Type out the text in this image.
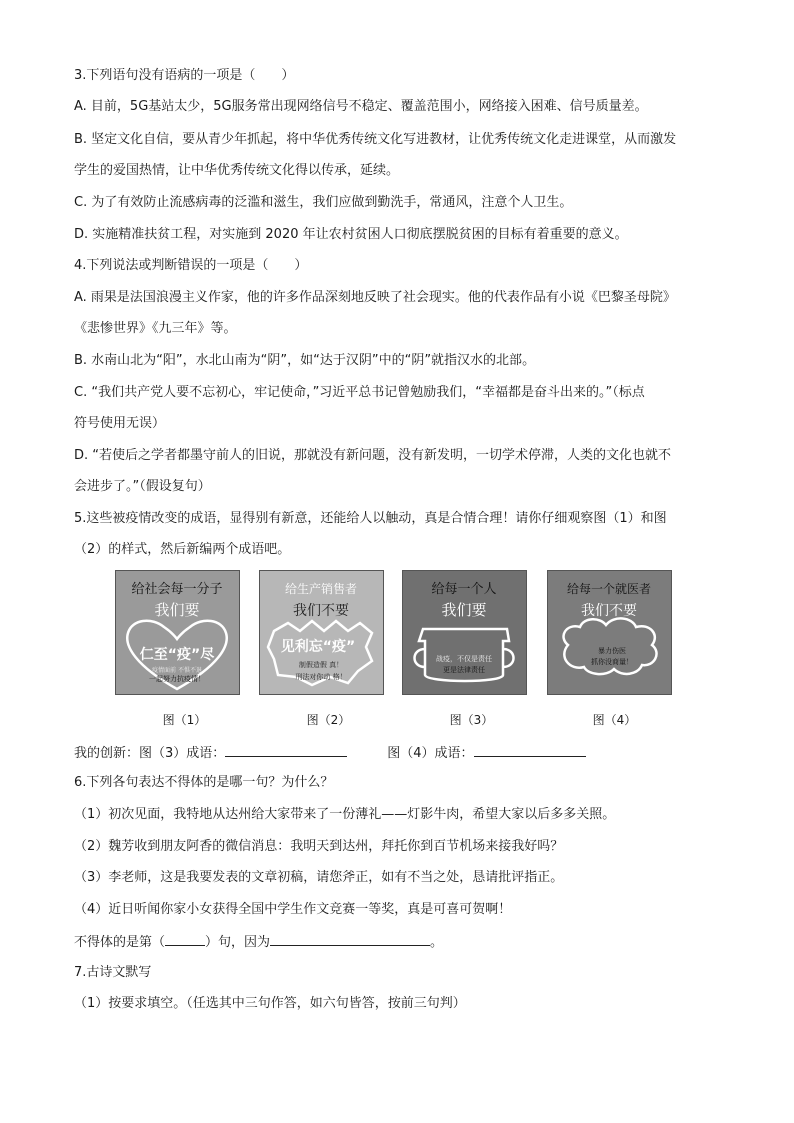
3.下列语句没有语病的一项是（　　）
A. 目前，5G基站太少，5G服务常出现网络信号不稳定、覆盖范围小，网络接入困难、信号质量差。
B. 坚定文化自信，要从青少年抓起，将中华优秀传统文化写进教材，让优秀传统文化走进课堂，从而激发
学生的爱国热情，让中华优秀传统文化得以传承，延续。
C. 为了有效防止流感病毒的泛滥和滋生，我们应做到勤洗手，常通风，注意个人卫生。
D. 实施精准扶贫工程，对实施到 2020 年让农村贫困人口彻底摆脱贫困的目标有着重要的意义。
4.下列说法或判断错误的一项是（　　）
A. 雨果是法国浪漫主义作家，他的许多作品深刻地反映了社会现实。他的代表作品有小说《巴黎圣母院》
《悲惨世界》《九三年》等。
B. 水南山北为“阳”，水北山南为“阴”，如“达于汉阴”中的“阴”就指汉水的北部。
C. “我们共产党人要不忘初心，牢记使命，”习近平总书记曾勉励我们，“幸福都是奋斗出来的。”（标点
符号使用无误）
D. “若使后之学者都墨守前人的旧说，那就没有新问题，没有新发明，一切学术停滞，人类的文化也就不
会进步了。”（假设复句）
5.这些被疫情改变的成语，显得别有新意，还能给人以触动，真是合情合理！请你仔细观察图（1）和图
（2）的样式，然后新编两个成语吧。
给社会每一分子
我们要
仁至“疫”尽
疫情面前 不惧不退
一起努力抗疫情！
给生产销售者
我们不要
见利忘“疫”
制假造假 真！
刑法对你动 格！
给每一个人
我们要
战疫，不仅是责任
更是法律责任
给每一个就医者
我们不要
暴力伤医
抓你没商量！
图（1）	图（2）	图（3）	图（4）
我的创新：图（3）成语：	图（4）成语：
6.下列各句表达不得体的是哪一句？为什么？
（1）初次见面，我特地从达州给大家带来了一份薄礼——灯影牛肉，希望大家以后多多关照。
（2）魏芳收到朋友阿香的微信消息：我明天到达州，拜托你到百节机场来接我好吗？
（3）李老师，这是我要发表的文章初稿，请您斧正，如有不当之处，恳请批评指正。
（4）近日听闻你家小女获得全国中学生作文竞赛一等奖，真是可喜可贺啊！
不得体的是第（	）句，因为	。
7.古诗文默写
（1）按要求填空。（任选其中三句作答，如六句皆答，按前三句判）
